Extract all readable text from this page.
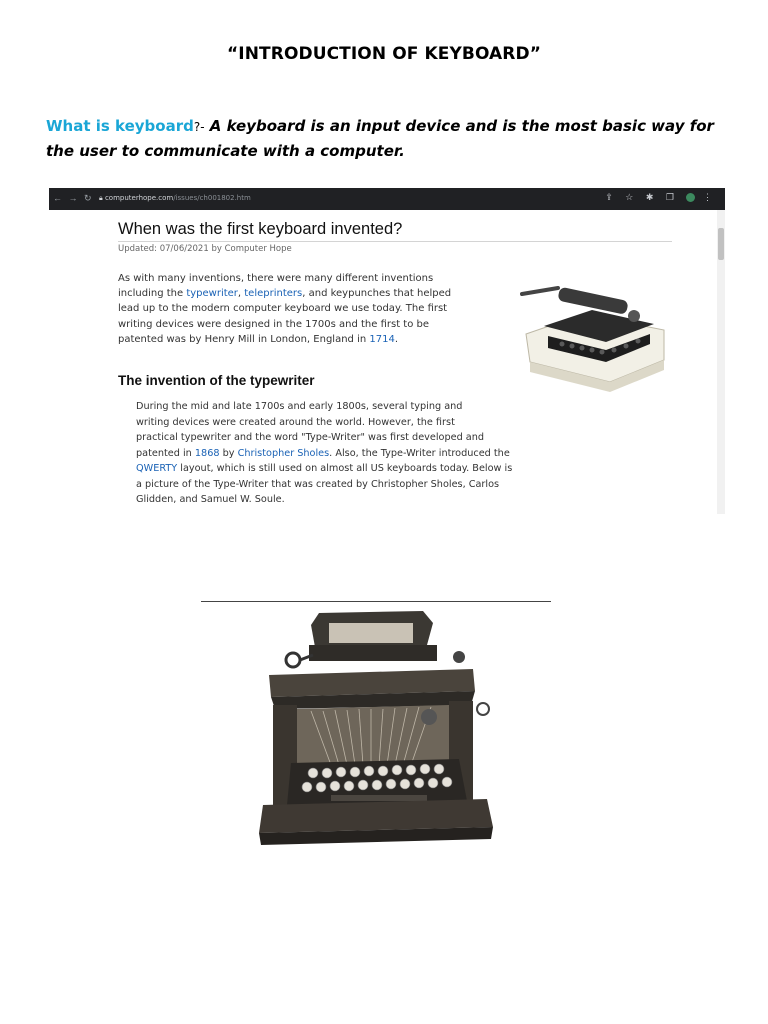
“INTRODUCTION OF KEYBOARD”
What is keyboard?- A keyboard is an input device and is the most basic way for the user to communicate with a computer.
← → ↻ 🔒︎ computerhope.com/issues/ch001802.htm	⇪ ☆ ✱ ❐	⋮
When was the first keyboard invented?
Updated: 07/06/2021 by Computer Hope
As with many inventions, there were many different inventions
including the typewriter, teleprinters, and keypunches that helped
lead up to the modern computer keyboard we use today. The first
writing devices were designed in the 1700s and the first to be
patented was by Henry Mill in London, England in 1714.
The invention of the typewriter
During the mid and late 1700s and early 1800s, several typing and
writing devices were created around the world. However, the first
practical typewriter and the word "Type-Writer" was first developed and
patented in 1868 by Christopher Sholes. Also, the Type-Writer introduced the
QWERTY layout, which is still used on almost all US keyboards today. Below is
a picture of the Type-Writer that was created by Christopher Sholes, Carlos
Glidden, and Samuel W. Soule.
